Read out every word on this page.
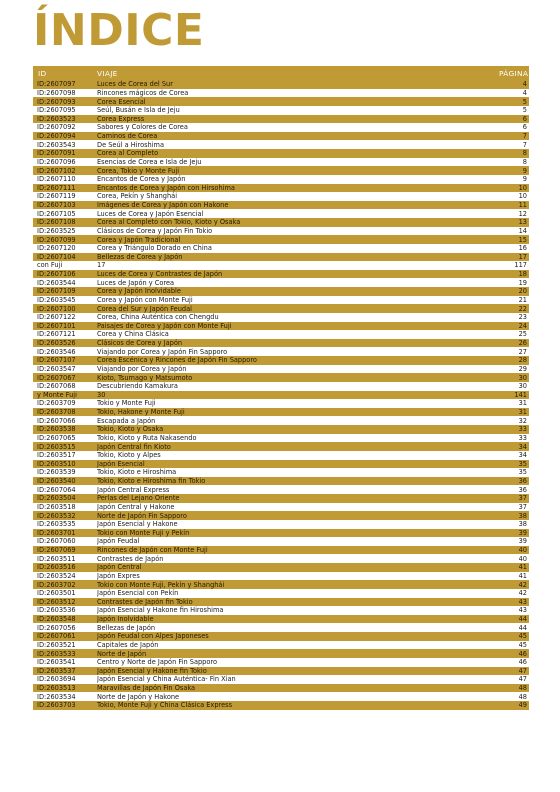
ÍNDICE
ID	VIAJE	PÁGINA
ID:2607097	Luces de Corea del Sur	4
ID:2607098	Rincones mágicos de Corea	4
ID:2607093	Corea Esencial	5
ID:2607095	Seúl, Busán e Isla de Jeju	5
ID:2603523	Corea Express	6
ID:2607092	Sabores y Colores de Corea	6
ID:2607094	Caminos de Corea	7
ID:2603543	De Seúl a Hiroshima	7
ID:2607091	Corea al Completo	8
ID:2607096	Esencias de Corea e Isla de Jeju	8
ID:2607102	Corea, Tokio y Monte Fuji	9
ID:2607110	Encantos de Corea y Japón	9
ID:2607111	Encantos de Corea y Japón con Hirsohima	10
ID:2607119	Corea, Pekín y Shanghái	10
ID:2607103	Imágenes de Corea y Japón con Hakone	11
ID:2607105	Luces de Corea y Japón Esencial	12
ID:2607108	Corea al Completo con Tokio, Kioto y Osaka	13
ID:2603525	Clásicos de Corea y Japón Fin Tokio	14
ID:2607099	Corea y Japón Tradicional	15
ID:2607120	Corea y Triángulo Dorado en China	16
ID:2607104	Bellezas de Corea y Japón	17
con Fuji	17	117
ID:2607106	Luces de Corea y Contrastes de Japón	18
ID:2603544	Luces de Japón y Corea	19
ID:2607109	Corea y Japón Inolvidable	20
ID:2603545	Corea y Japón con Monte Fuji	21
ID:2607100	Corea del Sur y Japón Feudal	22
ID:2607122	Corea, China Auténtica con Chengdu	23
ID:2607101	Paisajes de Corea y Japón con Monte Fuji	24
ID:2607121	Corea y China Clásica	25
ID:2603526	Clásicos de Corea y Japón	26
ID:2603546	Viajando por Corea y Japón Fin Sapporo	27
ID:2607107	Corea Escénica y Rincones de Japón Fin Sapporo	28
ID:2603547	Viajando por Corea y Japón	29
ID:2607067	Kioto, Tsumago y Matsumoto	30
ID:2607068	Descubriendo Kamakura	30
y Monte Fuji	30	141
ID:2603709	Tokio y Monte Fuji	31
ID:2603708	Tokio, Hakone y Monte Fuji	31
ID:2607066	Escapada a Japón	32
ID:2603538	Tokio, Kioto y Osaka	33
ID:2607065	Tokio, Kioto y Ruta Nakasendo	33
ID:2603515	Japón Central fin Kioto	34
ID:2603517	Tokio, Kioto y Alpes	34
ID:2603510	Japón Esencial	35
ID:2603539	Tokio, Kioto e Hiroshima	35
ID:2603540	Tokio, Kioto e Hiroshima fin Tokio	36
ID:2607064	Japón Central Express	36
ID:2603504	Perlas del Lejano Oriente	37
ID:2603518	Japón Central y Hakone	37
ID:2603532	Norte de Japón Fin Sapporo	38
ID:2603535	Japón Esencial y Hakone	38
ID:2603701	Tokio con Monte Fuji y Pekín	39
ID:2607060	Japón Feudal	39
ID:2607069	Rincones de Japón con Monte Fuji	40
ID:2603511	Contrastes de Japón	40
ID:2603516	Japón Central	41
ID:2603524	Japón Expres	41
ID:2603702	Tokio con Monte Fuji, Pekín y Shanghái	42
ID:2603501	Japón Esencial con Pekín	42
ID:2603512	Contrastes de Japón fin Tokio	43
ID:2603536	Japón Esencial y Hakone fin Hiroshima	43
ID:2603548	Japón Inolvidable	44
ID:2607056	Bellezas de Japón	44
ID:2607061	Japón Feudal con Alpes Japoneses	45
ID:2603521	Capitales de Japón	45
ID:2603533	Norte de Japón	46
ID:2603541	Centro y Norte de Japón Fin Sapporo	46
ID:2603537	Japón Esencial y Hakone fin Tokio	47
ID:2603694	Japón Esencial y China Auténtica- Fin Xian	47
ID:2603513	Maravillas de Japón Fin Osaka	48
ID:2603534	Norte de Japón y Hakone	48
ID:2603703	Tokio, Monte Fuji y China Clásica Express	49
